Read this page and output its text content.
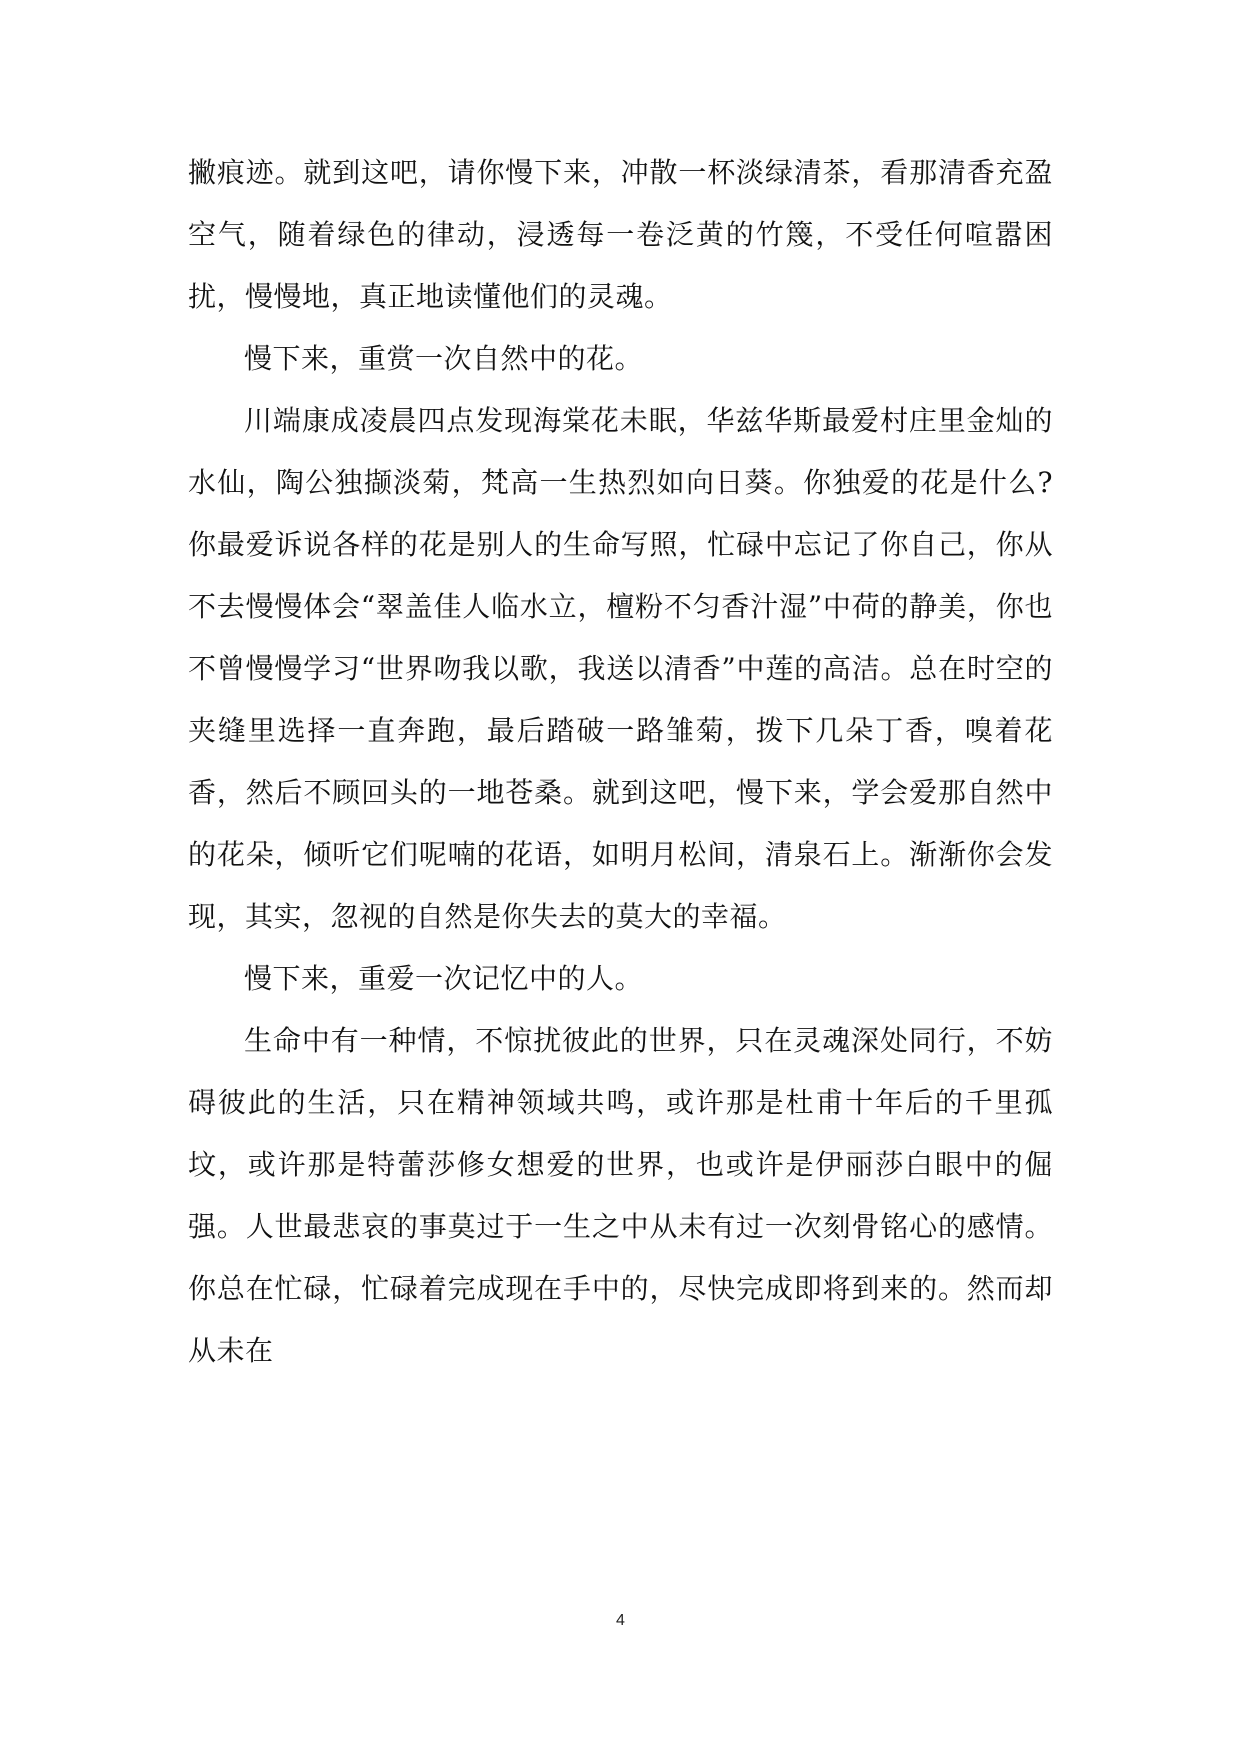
撇痕迹。就到这吧，请你慢下来，冲散一杯淡绿清茶，看那清香充盈空气，随着绿色的律动，浸透每一卷泛黄的竹篾，不受任何喧嚣困扰，慢慢地，真正地读懂他们的灵魂。

慢下来，重赏一次自然中的花。

川端康成凌晨四点发现海棠花未眠，华兹华斯最爱村庄里金灿的水仙，陶公独撷淡菊，梵高一生热烈如向日葵。你独爱的花是什么?你最爱诉说各样的花是别人的生命写照，忙碌中忘记了你自己，你从不去慢慢体会“翠盖佳人临水立，檀粉不匀香汁湿”中荷的静美，你也不曾慢慢学习“世界吻我以歌，我送以清香”中莲的高洁。总在时空的夹缝里选择一直奔跑，最后踏破一路雏菊，拨下几朵丁香，嗅着花香，然后不顾回头的一地苍桑。就到这吧，慢下来，学会爱那自然中的花朵，倾听它们呢喃的花语，如明月松间，清泉石上。渐渐你会发现，其实，忽视的自然是你失去的莫大的幸福。

慢下来，重爱一次记忆中的人。

生命中有一种情，不惊扰彼此的世界，只在灵魂深处同行，不妨碍彼此的生活，只在精神领域共鸣，或许那是杜甫十年后的千里孤坟，或许那是特蕾莎修女想爱的世界，也或许是伊丽莎白眼中的倔强。人世最悲哀的事莫过于一生之中从未有过一次刻骨铭心的感情。你总在忙碌，忙碌着完成现在手中的，尽快完成即将到来的。然而却从未在

4
